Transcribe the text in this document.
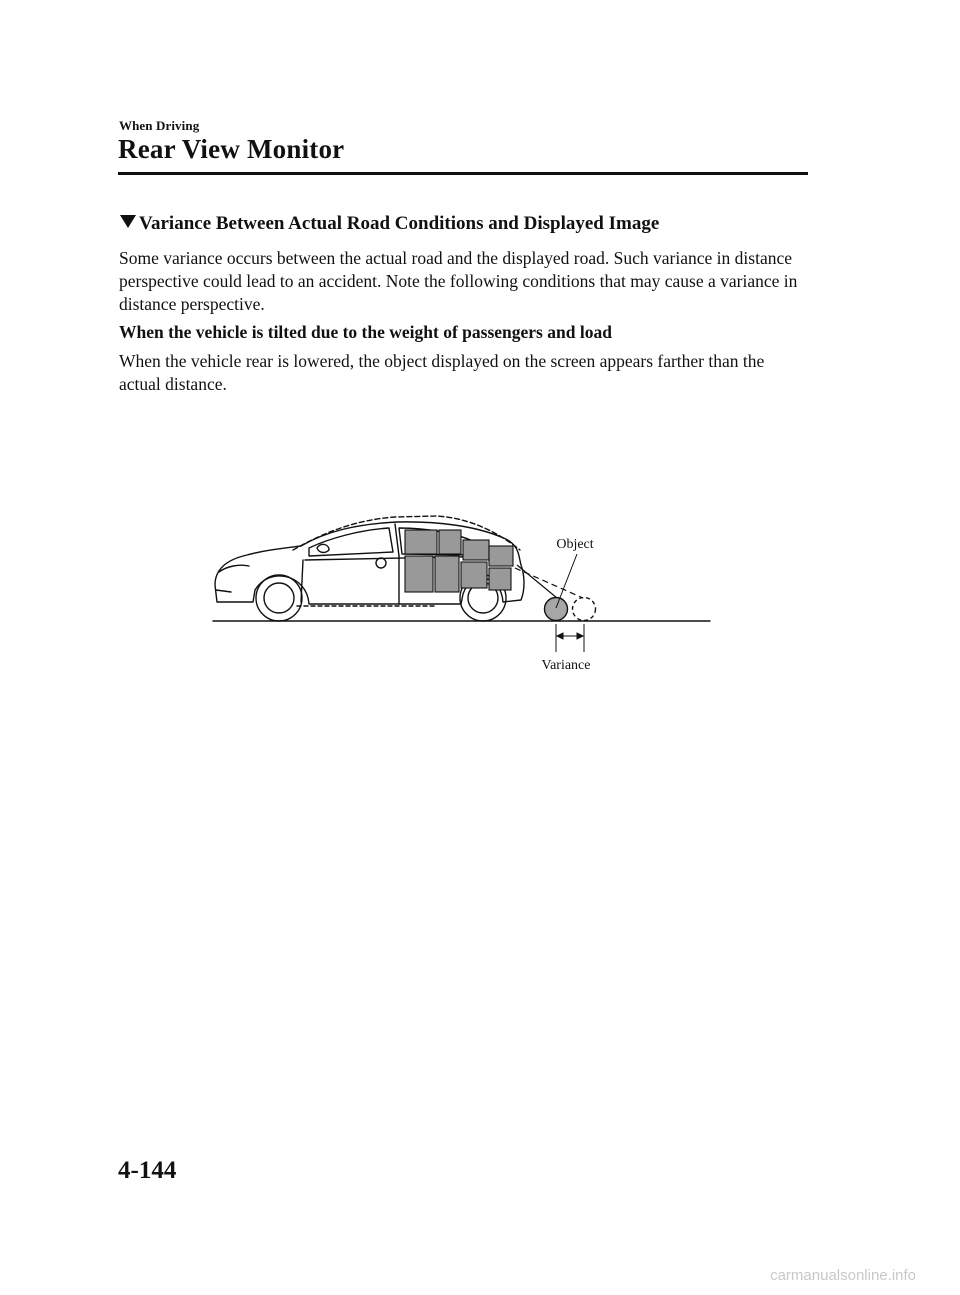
When Driving
Rear View Monitor
Variance Between Actual Road Conditions and Displayed Image
Some variance occurs between the actual road and the displayed road. Such variance in distance perspective could lead to an accident. Note the following conditions that may cause a variance in distance perspective.
When the vehicle is tilted due to the weight of passengers and load
When the vehicle rear is lowered, the object displayed on the screen appears farther than the actual distance.
Object
Variance
4-144
carmanualsonline.info
